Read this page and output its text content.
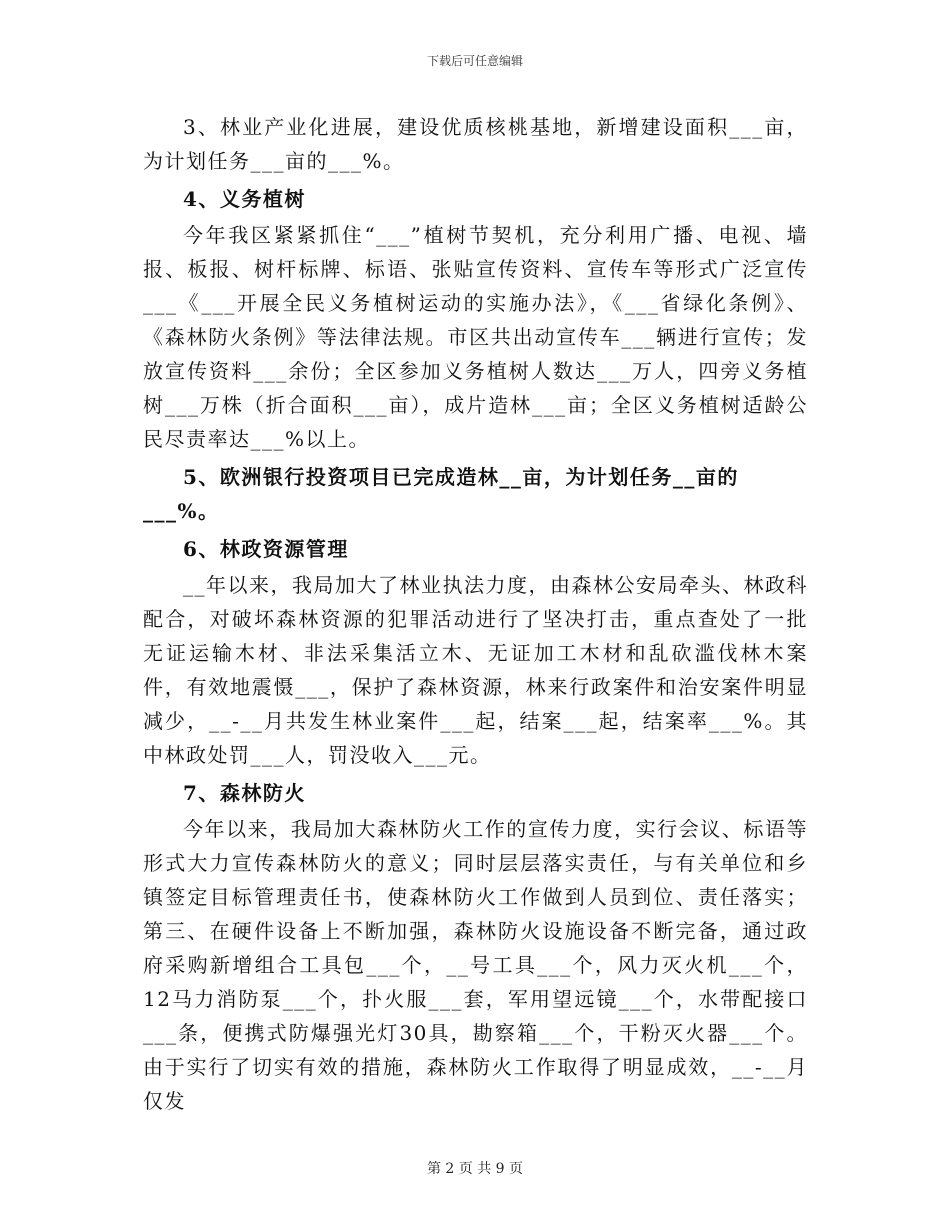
下载后可任意编辑

3、林业产业化进展，建设优质核桃基地，新增建设面积___亩，为计划任务___亩的___%。

4、义务植树

今年我区紧紧抓住“___”植树节契机，充分利用广播、电视、墙报、板报、树杆标牌、标语、张贴宣传资料、宣传车等形式广泛宣传___《___开展全民义务植树运动的实施办法》，《___省绿化条例》、《森林防火条例》等法律法规。市区共出动宣传车___辆进行宣传；发放宣传资料___余份；全区参加义务植树人数达___万人，四旁义务植树___万株（折合面积___亩），成片造林___亩；全区义务植树适龄公民尽责率达___%以上。

5、欧洲银行投资项目已完成造林__亩，为计划任务__亩的___%。

6、林政资源管理

__年以来，我局加大了林业执法力度，由森林公安局牵头、林政科配合，对破坏森林资源的犯罪活动进行了坚决打击，重点查处了一批无证运输木材、非法采集活立木、无证加工木材和乱砍滥伐林木案件，有效地震慑___，保护了森林资源，林来行政案件和治安案件明显减少，__-__月共发生林业案件___起，结案___起，结案率___%。其中林政处罚___人，罚没收入___元。

7、森林防火

今年以来，我局加大森林防火工作的宣传力度，实行会议、标语等形式大力宣传森林防火的意义；同时层层落实责任，与有关单位和乡镇签定目标管理责任书，使森林防火工作做到人员到位、责任落实；第三、在硬件设备上不断加强，森林防火设施设备不断完备，通过政府采购新增组合工具包___个，__号工具___个，风力灭火机___个，12马力消防泵___个，扑火服___套，军用望远镜___个，水带配接口___条，便携式防爆强光灯30具，勘察箱___个，干粉灭火器___个。由于实行了切实有效的措施，森林防火工作取得了明显成效，__-__月仅发

第 2 页 共 9 页
